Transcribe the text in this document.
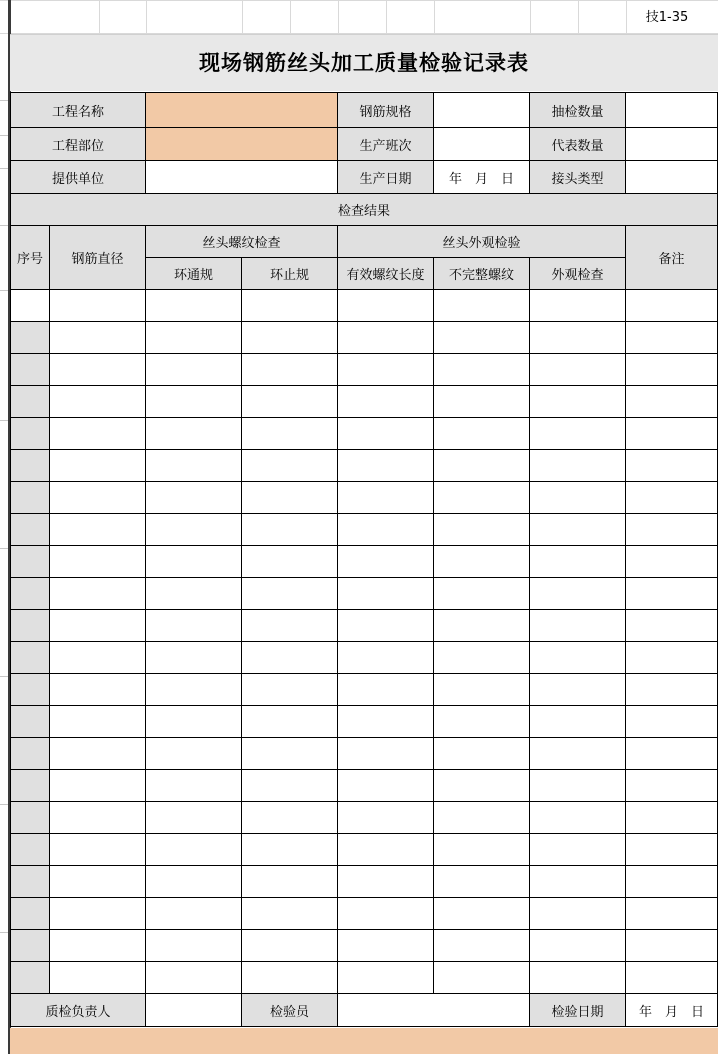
技1-35
现场钢筋丝头加工质量检验记录表
工程名称				钢筋规格		抽检数量	
工程部位				生产班次		代表数量	
提供单位				生产日期	年　月　日	接头类型	
检查结果							
序号	钢筋直径	丝头螺纹检查		丝头外观检验			备注
		环通规	环止规	有效螺纹长度	不完整螺纹	外观检查	

质检负责人			检验员			检验日期	年　月　日
